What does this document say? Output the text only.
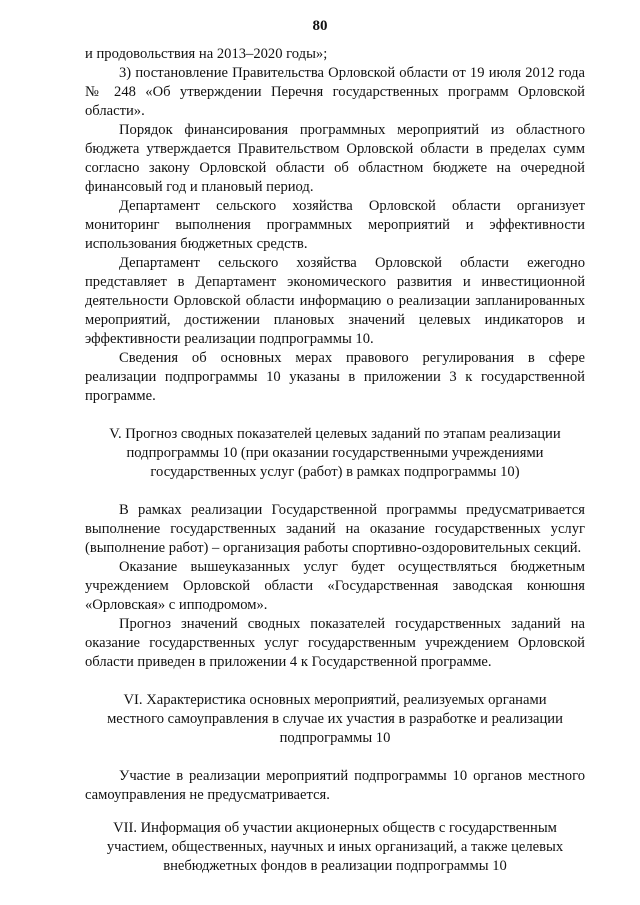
80

и продовольствия на 2013–2020 годы»;

3) постановление Правительства Орловской области от 19 июля 2012 года № 248 «Об утверждении Перечня государственных программ Орловской области».

Порядок финансирования программных мероприятий из областного бюджета утверждается Правительством Орловской области в пределах сумм согласно закону Орловской области об областном бюджете на очередной финансовый год и плановый период.

Департамент сельского хозяйства Орловской области организует мониторинг выполнения программных мероприятий и эффективности использования бюджетных средств.

Департамент сельского хозяйства Орловской области ежегодно представляет в Департамент экономического развития и инвестиционной деятельности Орловской области информацию о реализации запланированных мероприятий, достижении плановых значений целевых индикаторов и эффективности реализации подпрограммы 10.

Сведения об основных мерах правового регулирования в сфере реализации подпрограммы 10 указаны в приложении 3 к государственной программе.

V. Прогноз сводных показателей целевых заданий по этапам реализации подпрограммы 10 (при оказании государственными учреждениями государственных услуг (работ) в рамках подпрограммы 10)

В рамках реализации Государственной программы предусматривается выполнение государственных заданий на оказание государственных услуг (выполнение работ) – организация работы спортивно-оздоровительных секций.

Оказание вышеуказанных услуг будет осуществляться бюджетным учреждением Орловской области «Государственная заводская конюшня «Орловская» с ипподромом».

Прогноз значений сводных показателей государственных заданий на оказание государственных услуг государственным учреждением Орловской области приведен в приложении 4 к Государственной программе.

VI. Характеристика основных мероприятий, реализуемых органами местного самоуправления в случае их участия в разработке и реализации подпрограммы 10

Участие в реализации мероприятий подпрограммы 10 органов местного самоуправления не предусматривается.

VII. Информация об участии акционерных обществ с государственным участием, общественных, научных и иных организаций, а также целевых внебюджетных фондов в реализации подпрограммы 10
